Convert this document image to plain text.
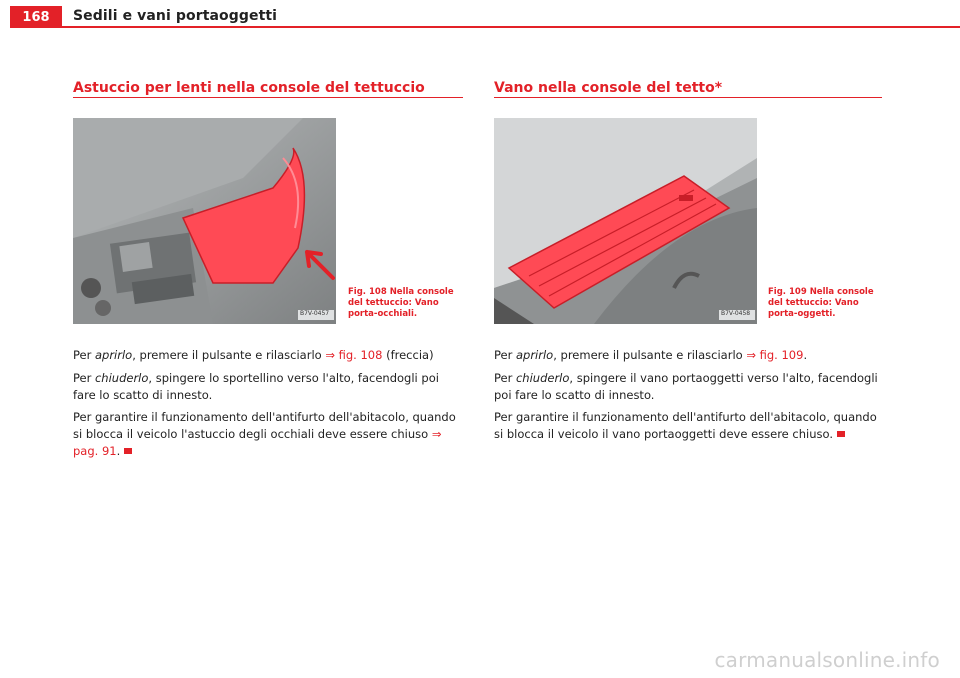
168	Sedili e vani portaoggetti
Astuccio per lenti nella console del tettuccio
B7V-0457
Fig. 108 Nella console del tettuccio: Vano porta-occhiali.

Per aprirlo, premere il pulsante e rilasciarlo ⇒ fig. 108 (freccia)

Per chiuderlo, spingere lo sportellino verso l'alto, facendogli poi fare lo scatto di innesto.

Per garantire il funzionamento dell'antifurto dell'abitacolo, quando si blocca il veicolo l'astuccio degli occhiali deve essere chiuso ⇒ pag. 91.

Vano nella console del tetto*
B7V-0458
Fig. 109 Nella console del tettuccio: Vano porta-oggetti.

Per aprirlo, premere il pulsante e rilasciarlo ⇒ fig. 109.

Per chiuderlo, spingere il vano portaoggetti verso l'alto, facendogli poi fare lo scatto di innesto.

Per garantire il funzionamento dell'antifurto dell'abitacolo, quando si blocca il veicolo il vano portaoggetti deve essere chiuso.

carmanualsonline.info
